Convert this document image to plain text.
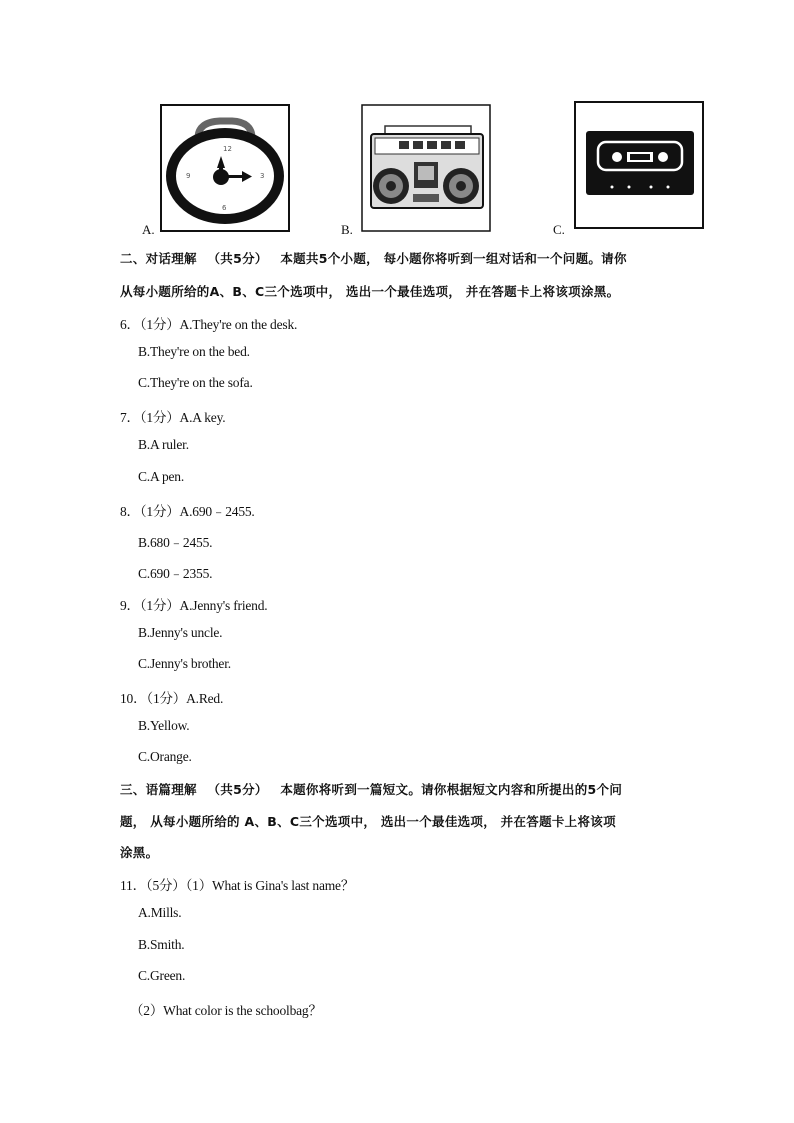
12
3
6
9
A.	B.	C.
二、对话理解 （共5分） 本题共5个小题， 每小题你将听到一组对话和一个问题。请你
从每小题所给的A、B、C三个选项中， 选出一个最佳选项， 并在答题卡上将该项涂黑。
6．（1分）A.They're on the desk.
B.They're on the bed.
C.They're on the sofa.
7．（1分）A.A key.
B.A ruler.
C.A pen.
8．（1分）A.690﹣2455.
B.680﹣2455.
C.690﹣2355.
9．（1分）A.Jenny's friend.
B.Jenny's uncle.
C.Jenny's brother.
10．（1分）A.Red.
B.Yellow.
C.Orange.
三、语篇理解 （共5分） 本题你将听到一篇短文。请你根据短文内容和所提出的5个问
题， 从每小题所给的 A、B、C三个选项中， 选出一个最佳选项， 并在答题卡上将该项
涂黑。
11．（5分）（1）What is Gina's last name？
A.Mills.
B.Smith.
C.Green.
（2）What color is the schoolbag？
